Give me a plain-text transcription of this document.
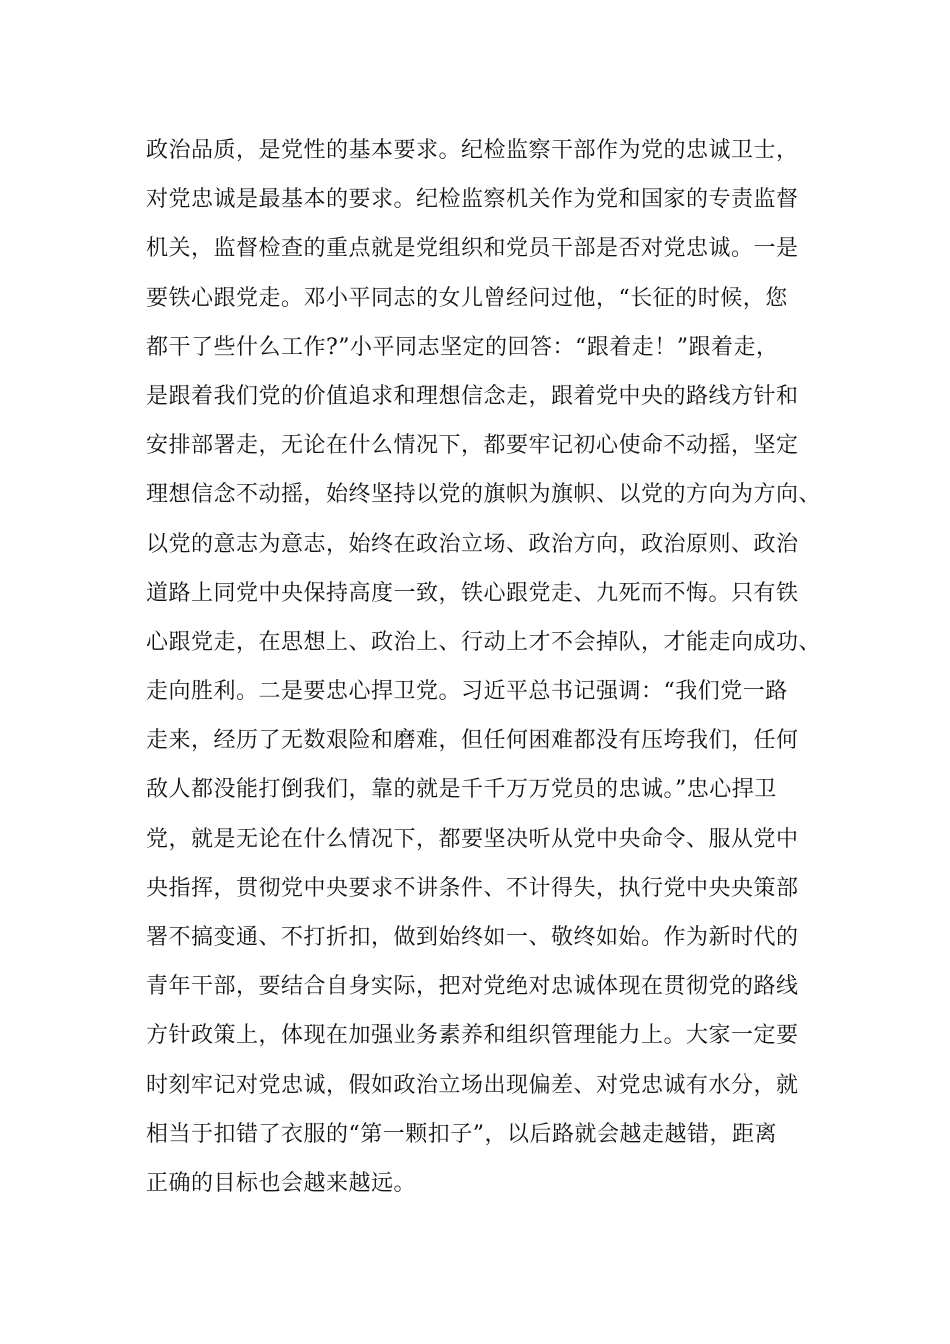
政治品质，是党性的基本要求。纪检监察干部作为党的忠诚卫士，
对党忠诚是最基本的要求。纪检监察机关作为党和国家的专责监督
机关，监督检查的重点就是党组织和党员干部是否对党忠诚。一是
要铁心跟党走。邓小平同志的女儿曾经问过他，“长征的时候，您
都干了些什么工作?”小平同志坚定的回答：“跟着走！”跟着走，
是跟着我们党的价值追求和理想信念走，跟着党中央的路线方针和
安排部署走，无论在什么情况下，都要牢记初心使命不动摇，坚定
理想信念不动摇，始终坚持以党的旗帜为旗帜、以党的方向为方向、
以党的意志为意志，始终在政治立场、政治方向，政治原则、政治
道路上同党中央保持高度一致，铁心跟党走、九死而不悔。只有铁
心跟党走，在思想上、政治上、行动上才不会掉队，才能走向成功、
走向胜利。二是要忠心捍卫党。习近平总书记强调：“我们党一路
走来，经历了无数艰险和磨难，但任何困难都没有压垮我们，任何
敌人都没能打倒我们，靠的就是千千万万党员的忠诚。”忠心捍卫
党，就是无论在什么情况下，都要坚决听从党中央命令、服从党中
央指挥，贯彻党中央要求不讲条件、不计得失，执行党中央央策部
署不搞变通、不打折扣，做到始终如一、敬终如始。作为新时代的
青年干部，要结合自身实际，把对党绝对忠诚体现在贯彻党的路线
方针政策上，体现在加强业务素养和组织管理能力上。大家一定要
时刻牢记对党忠诚，假如政治立场出现偏差、对党忠诚有水分，就
相当于扣错了衣服的“第一颗扣子”，以后路就会越走越错，距离
正确的目标也会越来越远。
